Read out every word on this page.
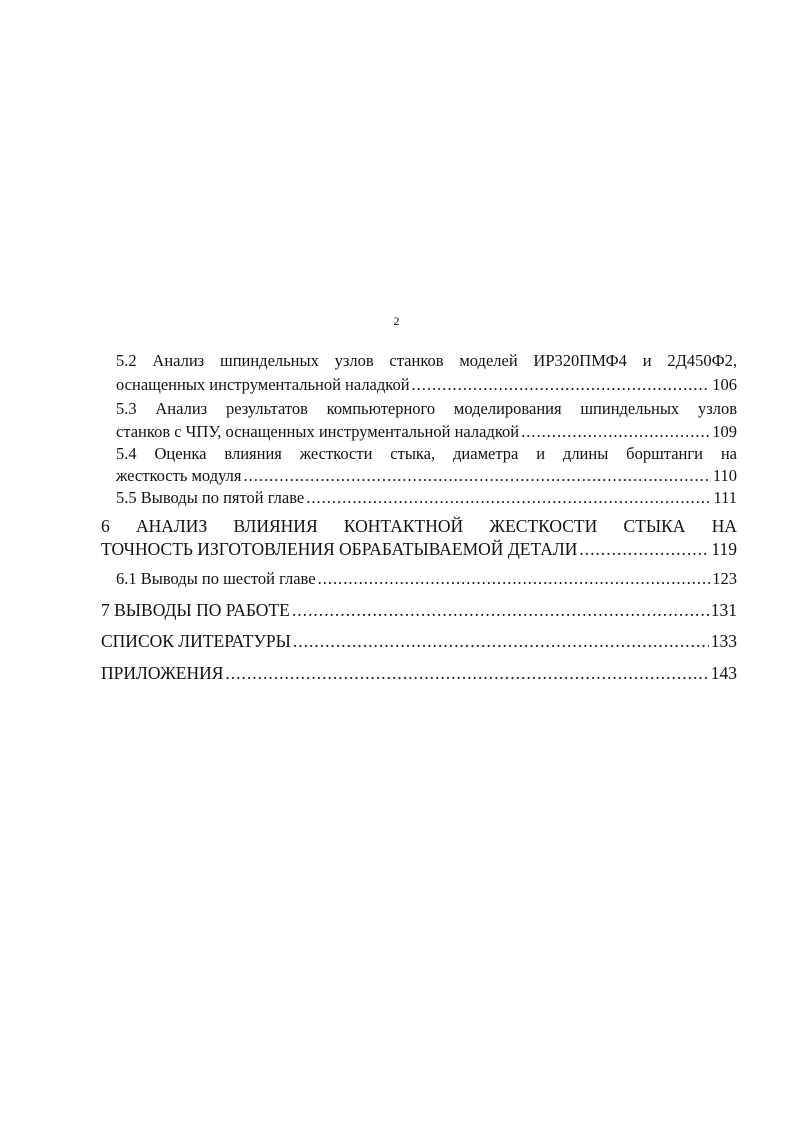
2
5.2 Анализ шпиндельных узлов станков моделей ИР320ПМФ4 и 2Д450Ф2,
оснащенных инструментальной наладкой .....	106
5.3 Анализ результатов компьютерного моделирования шпиндельных узлов
станков с ЧПУ, оснащенных инструментальной наладкой .....	109
5.4 Оценка влияния жесткости стыка, диаметра и длины борштанги на
жесткость модуля .....	110
5.5 Выводы по пятой главе .....	111
6 АНАЛИЗ ВЛИЯНИЯ КОНТАКТНОЙ ЖЕСТКОСТИ СТЫКА НА
ТОЧНОСТЬ ИЗГОТОВЛЕНИЯ ОБРАБАТЫВАЕМОЙ ДЕТАЛИ .....	119
6.1 Выводы по шестой главе .....	123
7 ВЫВОДЫ ПО РАБОТЕ .....	131
СПИСОК ЛИТЕРАТУРЫ .....	133
ПРИЛОЖЕНИЯ .....	143
